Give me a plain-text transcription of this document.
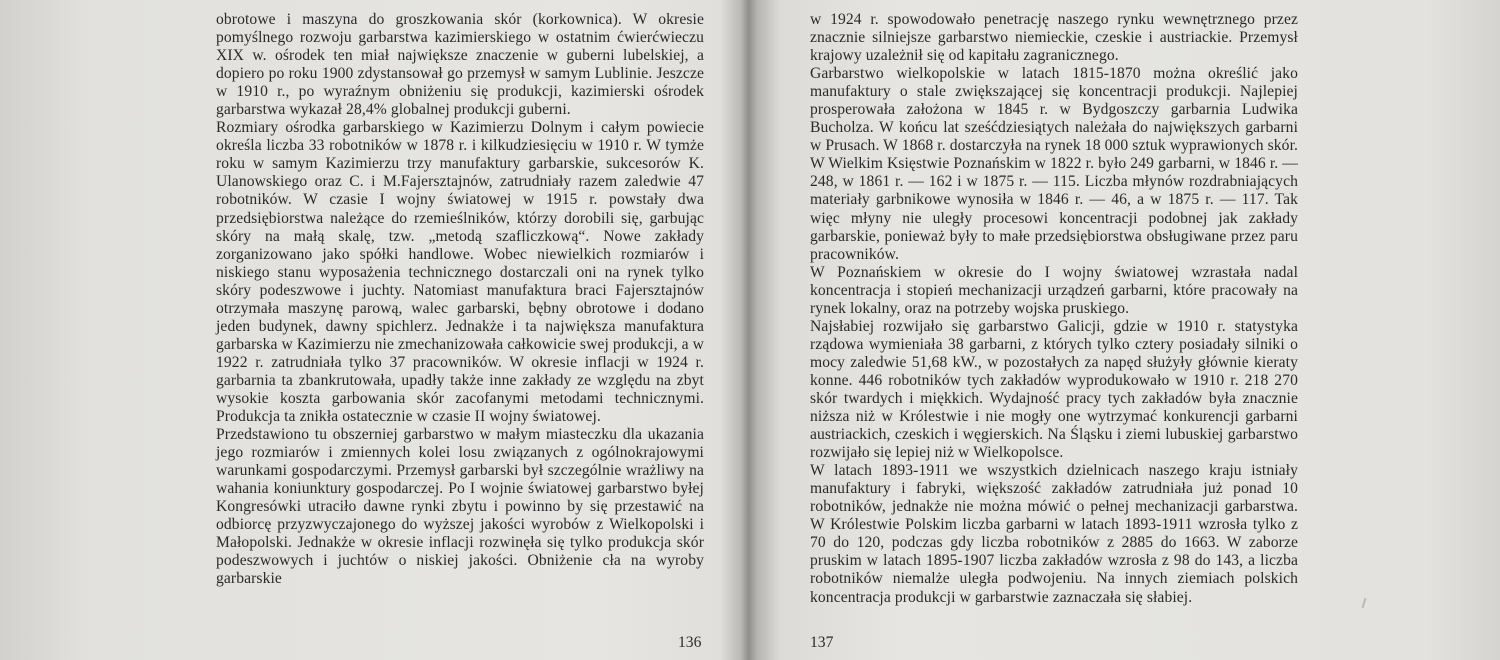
obrotowe i maszyna do groszkowania skór (korkownica). W okresie pomyślnego rozwoju garbarstwa kazimierskiego w ostatnim ćwierćwieczu XIX w. ośrodek ten miał największe znaczenie w guberni lubelskiej, a dopiero po roku 1900 zdystansował go przemysł w samym Lublinie. Jeszcze w 1910 r., po wyraźnym obniżeniu się produkcji, kazimierski ośrodek garbarstwa wykazał 28,4% globalnej produkcji guberni.

Rozmiary ośrodka garbarskiego w Kazimierzu Dolnym i całym powiecie określa liczba 33 robotników w 1878 r. i kilkudziesięciu w 1910 r. W tymże roku w samym Kazimierzu trzy manufaktury garbarskie, sukcesorów K. Ulanowskiego oraz C. i M.Fajersztajnów, zatrudniały razem zaledwie 47 robotników. W czasie I wojny światowej w 1915 r. powstały dwa przedsiębiorstwa należące do rzemieślników, którzy dorobili się, garbując skóry na małą skalę, tzw. „metodą szafliczkową“. Nowe zakłady zorganizowano jako spółki handlowe. Wobec niewielkich rozmiarów i niskiego stanu wyposażenia technicznego dostarczali oni na rynek tylko skóry podeszwowe i juchty. Natomiast manufaktura braci Fajersztajnów otrzymała maszynę parową, walec garbarski, bębny obrotowe i dodano jeden budynek, dawny spichlerz. Jednakże i ta największa manufaktura garbarska w Kazimierzu nie zmechanizowała całkowicie swej produkcji, a w 1922 r. zatrudniała tylko 37 pracowników. W okresie inflacji w 1924 r. garbarnia ta zbankrutowała, upadły także inne zakłady ze względu na zbyt wysokie koszta garbowania skór zacofanymi metodami technicznymi. Produkcja ta znikła ostatecznie w czasie II wojny światowej.

Przedstawiono tu obszerniej garbarstwo w małym miasteczku dla ukazania jego rozmiarów i zmiennych kolei losu związanych z ogólnokrajowymi warunkami gospodarczymi. Przemysł garbarski był szczególnie wrażliwy na wahania koniunktury gospodarczej. Po I wojnie światowej garbarstwo byłej Kongresówki utraciło dawne rynki zbytu i powinno by się przestawić na odbiorcę przyzwyczajonego do wyższej jakości wyrobów z Wielkopolski i Małopolski. Jednakże w okresie inflacji rozwinęła się tylko produkcja skór podeszwowych i juchtów o niskiej jakości. Obniżenie cła na wyroby garbarskie

136

w 1924 r. spowodowało penetrację naszego rynku wewnętrznego przez znacznie silniejsze garbarstwo niemieckie, czeskie i austriackie. Przemysł krajowy uzależnił się od kapitału zagranicznego.

Garbarstwo wielkopolskie w latach 1815-1870 można określić jako manufaktury o stale zwiększającej się koncentracji produkcji. Najlepiej prosperowała założona w 1845 r. w Bydgoszczy garbarnia Ludwika Bucholza. W końcu lat sześćdziesiątych należała do największych garbarni w Prusach. W 1868 r. dostarczyła na rynek 18 000 sztuk wyprawionych skór. W Wielkim Księstwie Poznańskim w 1822 r. było 249 garbarni, w 1846 r. — 248, w 1861 r. — 162 i w 1875 r. — 115. Liczba młynów rozdrabniających materiały garbnikowe wynosiła w 1846 r. — 46, a w 1875 r. — 117. Tak więc młyny nie uległy procesowi koncentracji podobnej jak zakłady garbarskie, ponieważ były to małe przedsiębiorstwa obsługiwane przez paru pracowników.

W Poznańskiem w okresie do I wojny światowej wzrastała nadal koncentracja i stopień mechanizacji urządzeń garbarni, które pracowały na rynek lokalny, oraz na potrzeby wojska pruskiego.

Najsłabiej rozwijało się garbarstwo Galicji, gdzie w 1910 r. statystyka rządowa wymieniała 38 garbarni, z których tylko cztery posiadały silniki o mocy zaledwie 51,68 kW., w pozostałych za napęd służyły głównie kieraty konne. 446 robotników tych zakładów wyprodukowało w 1910 r. 218 270 skór twardych i miękkich. Wydajność pracy tych zakładów była znacznie niższa niż w Królestwie i nie mogły one wytrzymać konkurencji garbarni austriackich, czeskich i węgierskich. Na Śląsku i ziemi lubuskiej garbarstwo rozwijało się lepiej niż w Wielkopolsce.

W latach 1893-1911 we wszystkich dzielnicach naszego kraju istniały manufaktury i fabryki, większość zakładów zatrudniała już ponad 10 robotników, jednakże nie można mówić o pełnej mechanizacji garbarstwa. W Królestwie Polskim liczba garbarni w latach 1893-1911 wzrosła tylko z 70 do 120, podczas gdy liczba robotników z 2885 do 1663. W zaborze pruskim w latach 1895-1907 liczba zakładów wzrosła z 98 do 143, a liczba robotników niemalże uległa podwojeniu. Na innych ziemiach polskich koncentracja produkcji w garbarstwie zaznaczała się słabiej.

137
